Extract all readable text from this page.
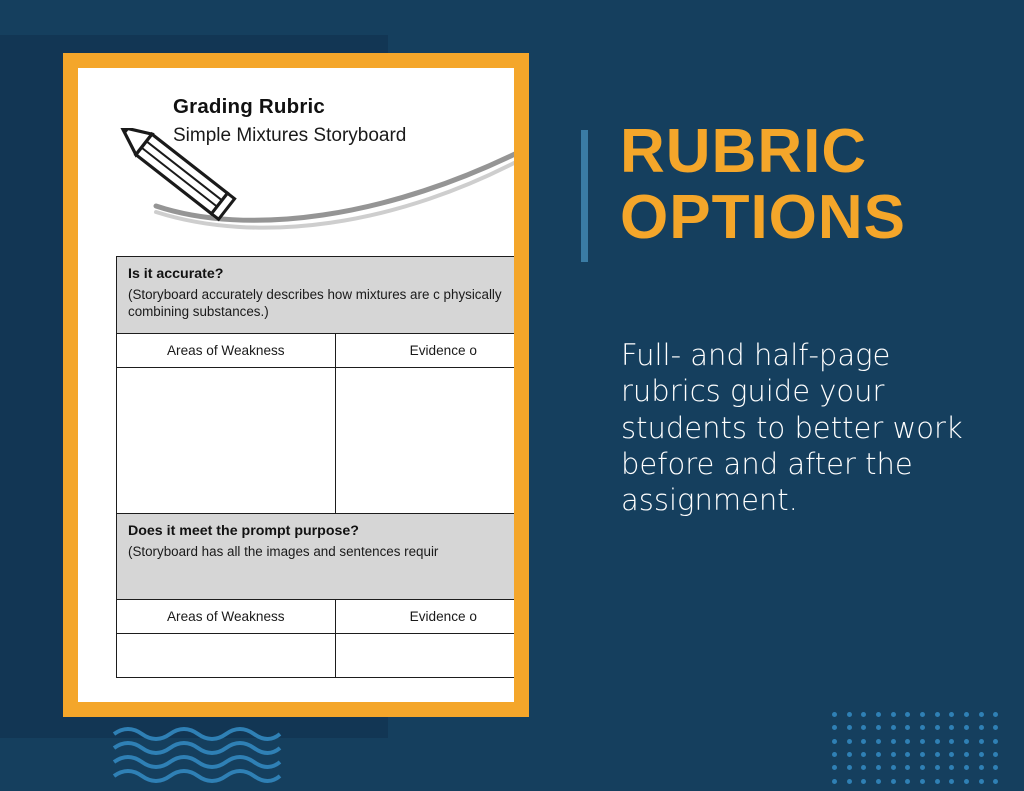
Grading Rubric
Simple Mixtures Storyboard
Is it accurate?
(Storyboard accurately describes how mixtures are c physically combining substances.)	

Areas of Weakness	Evidence o

Does it meet the prompt purpose?
(Storyboard has all the images and sentences requir	

Areas of Weakness	Evidence o

RUBRIC
OPTIONS
Full- and half-page rubrics guide your students to better work before and after the assignment.
